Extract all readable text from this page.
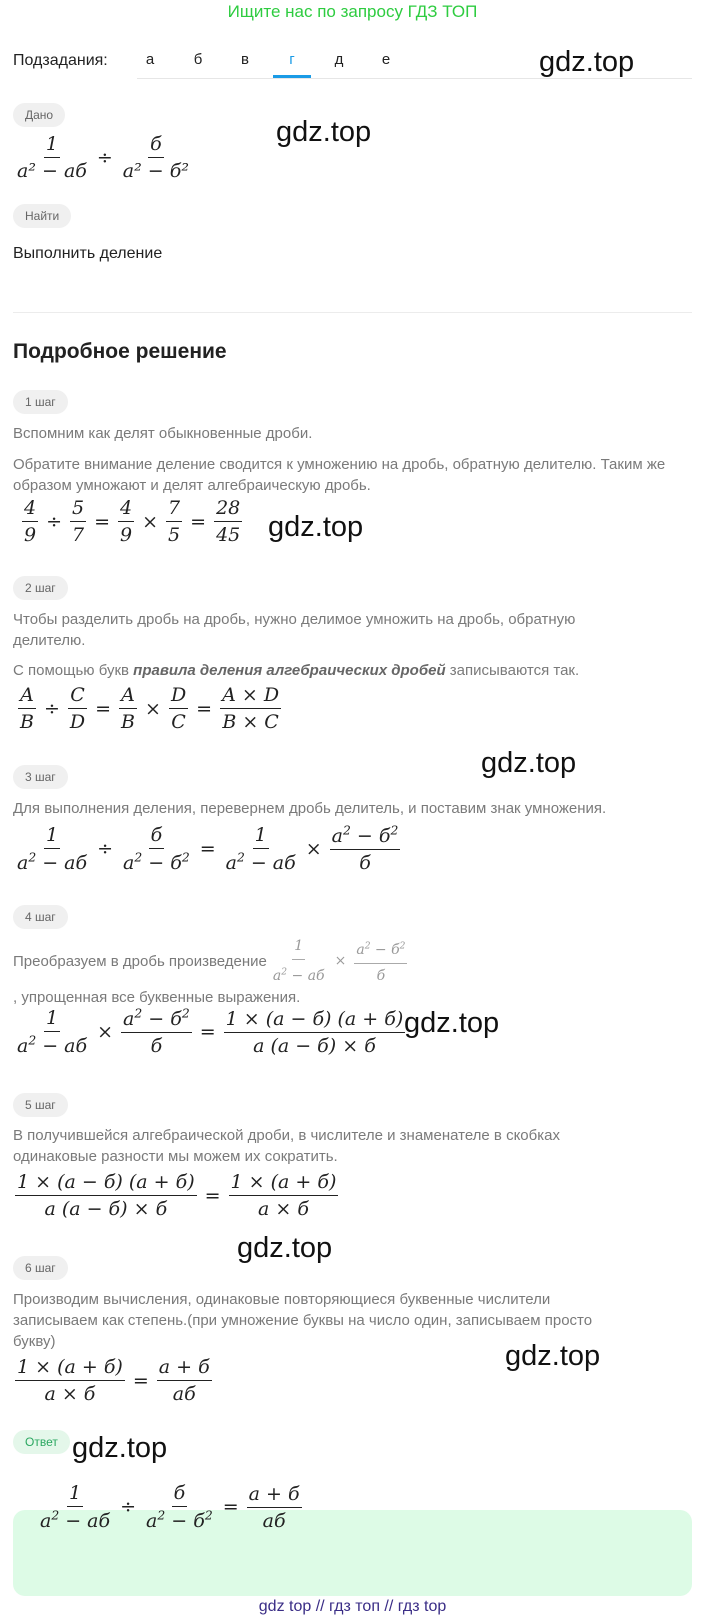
Ищите нас по запросу ГДЗ ТОП
Подзадания:	а	б	в	г	д	е	gdz.top
gdz.top
gdz.top
gdz.top
gdz.top
gdz.top
gdz.top
gdz.top
Дано
$\frac{1}{\text{a² − aб}} \div \frac{б}{\text{a² − б²}}$
Найти
Выполнить деление
Подробное решение
1 шаг
Вспомним как делят обыкновенные дроби.
Обратите внимание деление сводится к умножению на дробь, обратную делителю. Таким же образом умножают и делят алгебраическую дробь.
$\frac{4}{9} \div \frac{5}{7} = \frac{4}{9} \times \frac{7}{5} = \frac{28}{45}$
2 шаг
Чтобы разделить дробь на дробь, нужно делимое умножить на дробь, обратную делителю.
С помощью букв правила деления алгебраических дробей записываются так.
$\frac{A}{B} \div \frac{C}{D} = \frac{A}{B} \times \frac{D}{C} = \frac{A \times D}{B \times C}$
3 шаг
Для выполнения деления, перевернем дробь делитель, и поставим знак умножения.
$\frac{1}{a^2 - aб} \div \frac{б}{a^2 - б^2} = \frac{1}{a^2 - aб} \times \frac{a^2 - б^2}{б}$
4 шаг
Преобразуем в дробь произведение $\frac{1}{a^2 - aб} \times \frac{a^2 - б^2}{б}$
, упрощенная все буквенные выражения.
$\frac{1}{a^2 - aб} \times \frac{a^2 - б^2}{б} = \frac{1 \times (a - б) (a + б)}{a (a - б) \times б}$
5 шаг
В получившейся алгебраической дроби, в числителе и знаменателе в скобках одинаковые разности мы можем их сократить.
$\frac{1 \times (a - б) (a + б)}{a (a - б) \times б} = \frac{1 \times (a + б)}{a \times б}$
6 шаг
Производим вычисления, одинаковые повторяющиеся буквенные числители записываем как степень.(при умножение буквы на число один, записываем просто букву)
$\frac{1 \times (a + б)}{a \times б} = \frac{a + б}{aб}$
Ответ
$\frac{1}{a^2 - aб} \div \frac{б}{a^2 - б^2} = \frac{a + б}{aб}$
gdz top // гдз топ // гдз top
